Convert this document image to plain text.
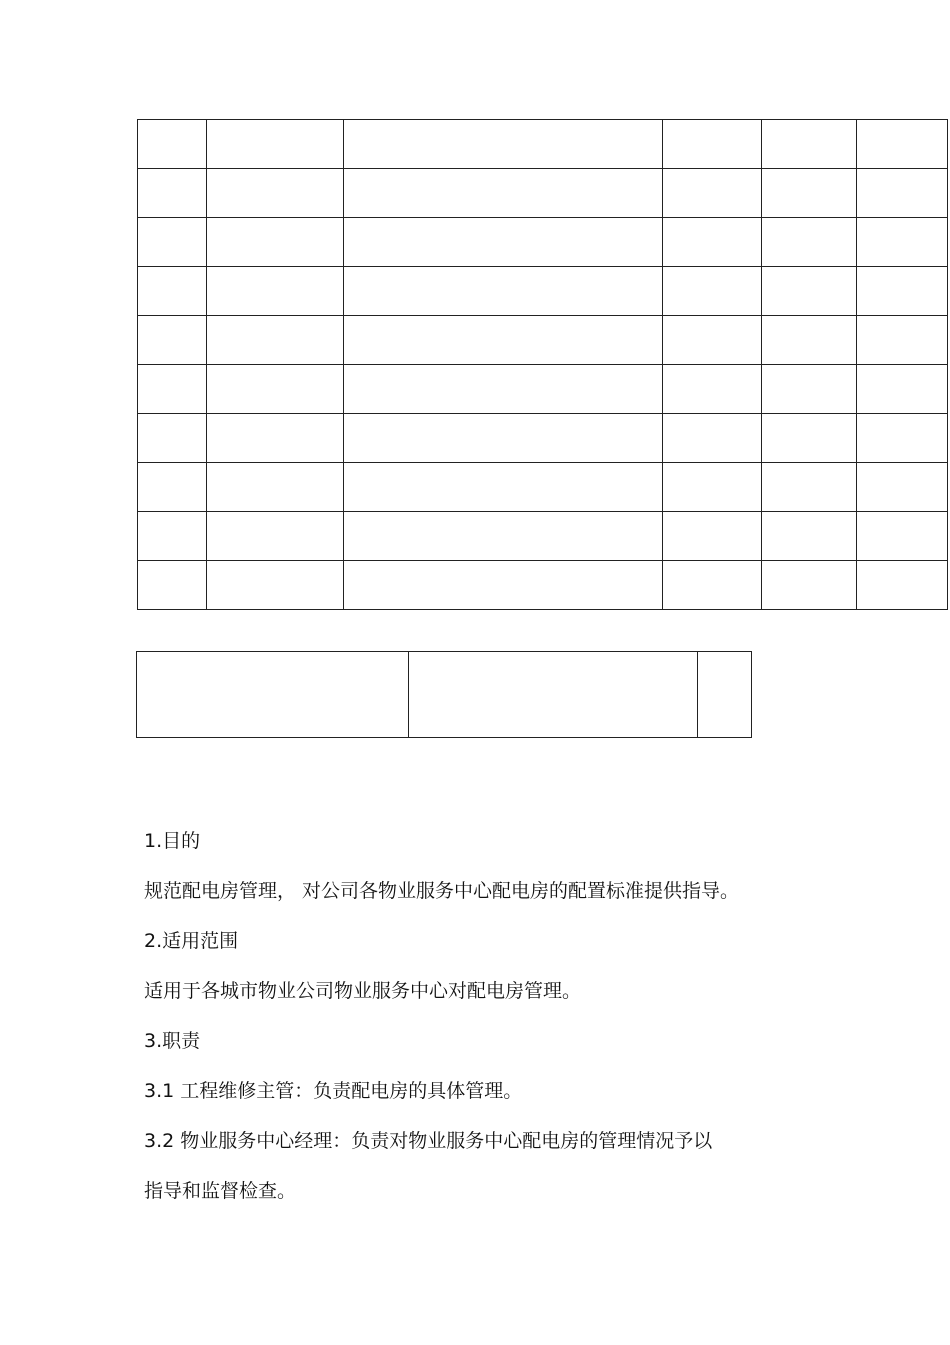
1.目的
规范配电房管理， 对公司各物业服务中心配电房的配置标准提供指导。
2.适用范围
适用于各城市物业公司物业服务中心对配电房管理。
3.职责
3.1 工程维修主管：负责配电房的具体管理。
3.2 物业服务中心经理：负责对物业服务中心配电房的管理情况予以
指导和监督检查。
